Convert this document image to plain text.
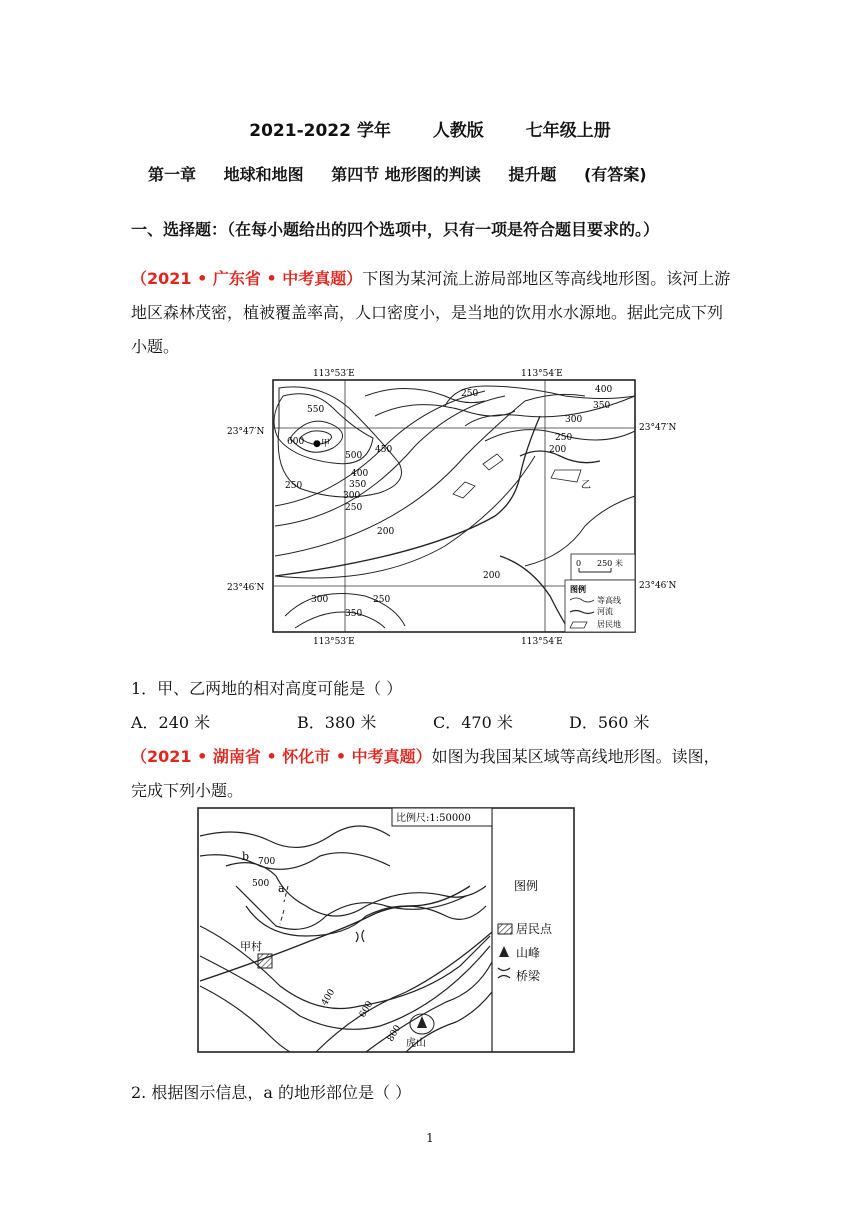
2021-2022 学年 人教版 七年级上册
第一章 地球和地图 第四节 地形图的判读 提升题 (有答案)
一、选择题：（在每小题给出的四个选项中，只有一项是符合题目要求的。）
（2021 • 广东省 • 中考真题）下图为某河流上游局部地区等高线地形图。该河上游地区森林茂密，植被覆盖率高，人口密度小，是当地的饮用水水源地。据此完成下列小题。
113°53′E	113°54′E
113°53′E	113°54′E
23°47′N	23°47′N
23°46′N	23°46′N
550
600
500
450
400
350
300
250
200
250
300
350
400
250
200
250
300
350
250
200
●甲
乙
0 250 米
图例
等高线
河流
居民地
1．甲、乙两地的相对高度可能是（ ）
A．240 米	B．380 米	C．470 米	D．560 米
（2021 • 湖南省 • 怀化市 • 中考真题）如图为我国某区域等高线地形图。读图，完成下列小题。
比例尺:1:50000
甲村
虎山
b
a
700
500
400
600
800
图例
居民点
山峰
桥梁
2. 根据图示信息，a 的地形部位是（ ）
1
